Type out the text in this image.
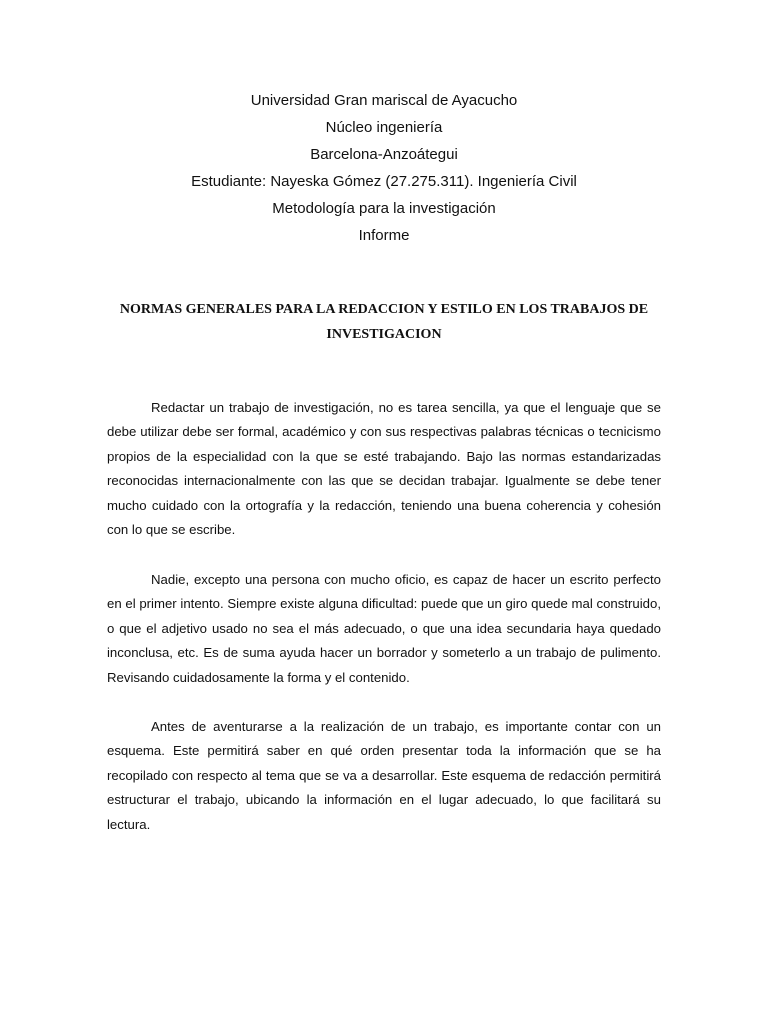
Universidad Gran mariscal de Ayacucho
Núcleo ingeniería
Barcelona-Anzoátegui
Estudiante: Nayeska Gómez (27.275.311). Ingeniería Civil
Metodología para la investigación
Informe
NORMAS GENERALES PARA LA REDACCION Y ESTILO EN LOS TRABAJOS DE INVESTIGACION

Redactar un trabajo de investigación, no es tarea sencilla, ya que el lenguaje que se debe utilizar debe ser formal, académico y con sus respectivas palabras técnicas o tecnicismo propios de la especialidad con la que se esté trabajando. Bajo las normas estandarizadas reconocidas internacionalmente con las que se decidan trabajar. Igualmente se debe tener mucho cuidado con la ortografía y la redacción, teniendo una buena coherencia y cohesión con lo que se escribe.

Nadie, excepto una persona con mucho oficio, es capaz de hacer un escrito perfecto en el primer intento. Siempre existe alguna dificultad: puede que un giro quede mal construido, o que el adjetivo usado no sea el más adecuado, o que una idea secundaria haya quedado inconclusa, etc. Es de suma ayuda hacer un borrador y someterlo a un trabajo de pulimento. Revisando cuidadosamente la forma y el contenido.

Antes de aventurarse a la realización de un trabajo, es importante contar con un esquema. Este permitirá saber en qué orden presentar toda la información que se ha recopilado con respecto al tema que se va a desarrollar. Este esquema de redacción permitirá estructurar el trabajo, ubicando la información en el lugar adecuado, lo que facilitará su lectura.
